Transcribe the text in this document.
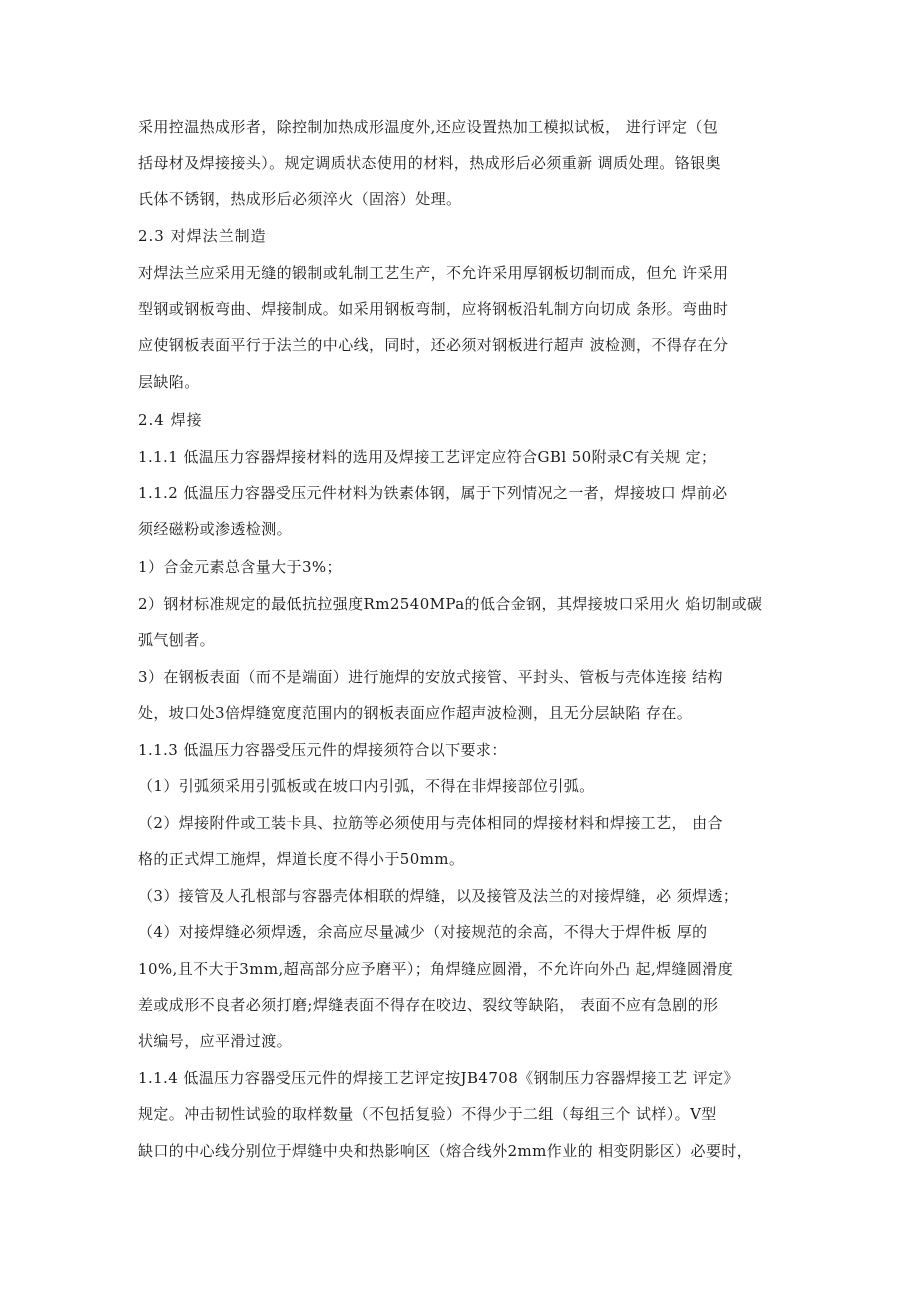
采用控温热成形者，除控制加热成形温度外,还应设置热加工模拟试板， 进行评定（包
括母材及焊接接头）。规定调质状态使用的材料，热成形后必须重新 调质处理。铬银奥
氏体不锈钢，热成形后必须淬火（固溶）处理。
2.3 对焊法兰制造
对焊法兰应采用无缝的锻制或轧制工艺生产，不允许采用厚钢板切制而成，但允 许采用
型钢或钢板弯曲、焊接制成。如采用钢板弯制，应将钢板沿轧制方向切成 条形。弯曲时
应使钢板表面平行于法兰的中心线，同时，还必须对钢板进行超声 波检测，不得存在分
层缺陷。
2.4 焊接
1.1.1 低温压力容器焊接材料的选用及焊接工艺评定应符合GBl 50附录C有关规 定；
1.1.2 低温压力容器受压元件材料为铁素体钢，属于下列情况之一者，焊接坡口 焊前必
须经磁粉或渗透检测。
1）合金元素总含量大于3%；
2）钢材标准规定的最低抗拉强度Rm2540MPa的低合金钢，其焊接坡口采用火 焰切制或碳
弧气刨者。
3）在钢板表面（而不是端面）进行施焊的安放式接管、平封头、管板与壳体连接 结构
处，坡口处3倍焊缝宽度范围内的钢板表面应作超声波检测，且无分层缺陷 存在。
1.1.3 低温压力容器受压元件的焊接须符合以下要求：
（1）引弧须采用引弧板或在坡口内引弧，不得在非焊接部位引弧。
（2）焊接附件或工装卡具、拉筋等必须使用与壳体相同的焊接材料和焊接工艺， 由合
格的正式焊工施焊，焊道长度不得小于50mm。
（3）接管及人孔根部与容器壳体相联的焊缝，以及接管及法兰的对接焊缝，必 须焊透；
（4）对接焊缝必须焊透，余高应尽量减少（对接规范的余高，不得大于焊件板 厚的
10%,且不大于3mm,超高部分应予磨平）；角焊缝应圆滑，不允许向外凸 起,焊缝圆滑度
差或成形不良者必须打磨;焊缝表面不得存在咬边、裂纹等缺陷， 表面不应有急剧的形
状编号，应平滑过渡。
1.1.4 低温压力容器受压元件的焊接工艺评定按JB4708《钢制压力容器焊接工艺 评定》
规定。冲击韧性试验的取样数量（不包括复验）不得少于二组（每组三个 试样）。V型
缺口的中心线分别位于焊缝中央和热影响区（熔合线外2mm作业的 相变阴影区）必要时，
